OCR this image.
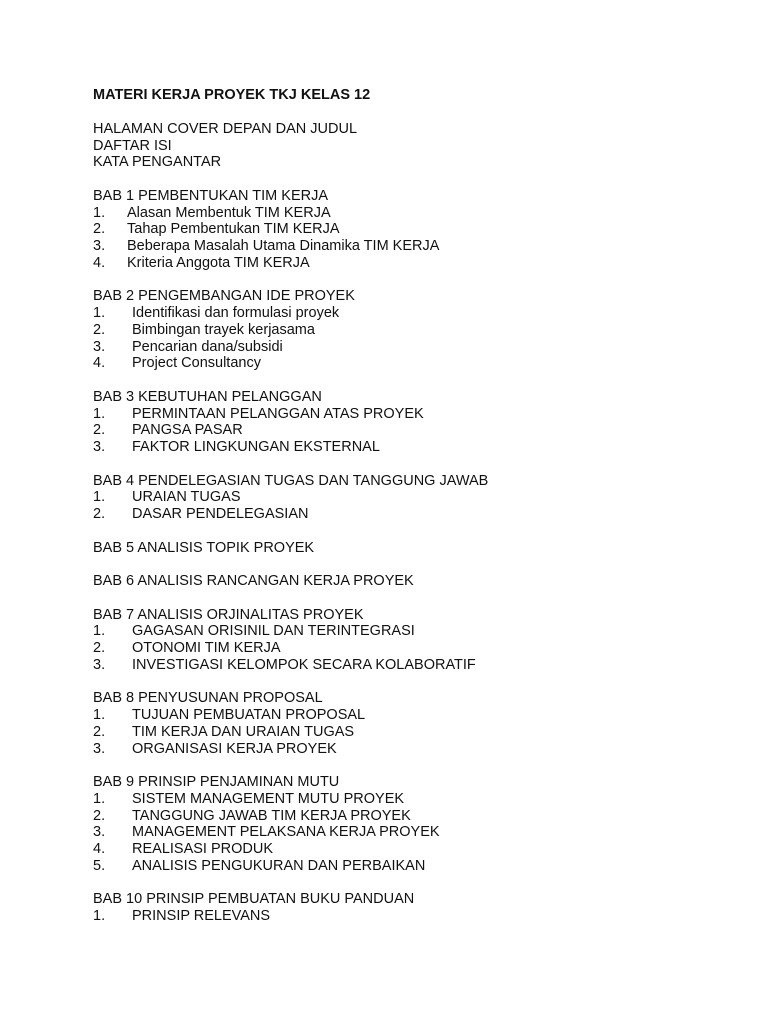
MATERI KERJA PROYEK TKJ KELAS 12
HALAMAN COVER DEPAN DAN JUDUL
DAFTAR ISI
KATA PENGANTAR
BAB 1 PEMBENTUKAN TIM KERJA
1.	Alasan Membentuk TIM KERJA
2.	Tahap Pembentukan TIM KERJA
3.	Beberapa Masalah Utama Dinamika TIM KERJA
4.	Kriteria Anggota TIM KERJA
BAB 2 PENGEMBANGAN IDE PROYEK
1.	Identifikasi dan formulasi proyek
2.	Bimbingan trayek kerjasama
3.	Pencarian dana/subsidi
4.	Project Consultancy
BAB 3 KEBUTUHAN PELANGGAN
1.	PERMINTAAN PELANGGAN ATAS PROYEK
2.	PANGSA PASAR
3.	FAKTOR LINGKUNGAN EKSTERNAL
BAB 4 PENDELEGASIAN TUGAS DAN TANGGUNG JAWAB
1.	URAIAN TUGAS
2.	DASAR PENDELEGASIAN
BAB 5 ANALISIS TOPIK PROYEK
BAB 6 ANALISIS RANCANGAN KERJA PROYEK
BAB 7 ANALISIS ORJINALITAS PROYEK
1.	GAGASAN ORISINIL DAN TERINTEGRASI
2.	OTONOMI TIM KERJA
3.	INVESTIGASI KELOMPOK SECARA KOLABORATIF
BAB 8 PENYUSUNAN PROPOSAL
1.	TUJUAN PEMBUATAN PROPOSAL
2.	TIM KERJA DAN URAIAN TUGAS
3.	ORGANISASI KERJA PROYEK
BAB 9 PRINSIP PENJAMINAN MUTU
1.	SISTEM MANAGEMENT MUTU PROYEK
2.	TANGGUNG JAWAB TIM KERJA PROYEK
3.	MANAGEMENT PELAKSANA KERJA PROYEK
4.	REALISASI PRODUK
5.	ANALISIS PENGUKURAN DAN PERBAIKAN
BAB 10 PRINSIP PEMBUATAN BUKU PANDUAN
1.	PRINSIP RELEVANS
